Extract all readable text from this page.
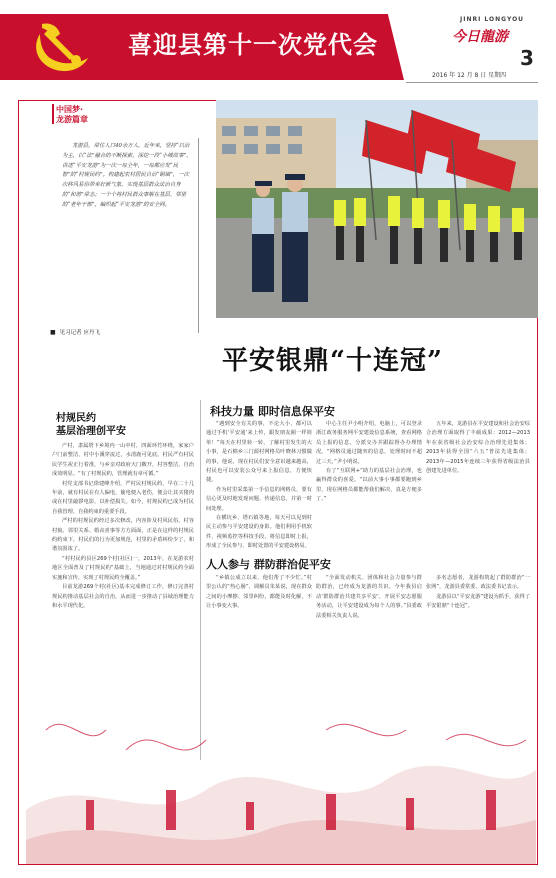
喜迎县第十一次党代会
JINRI LONGYOU
今日龍游
3
2016 年 12 月 8 日 星期四
中国梦·
龙游篇章
龙游县，常住人口40余万人，近年来，坚持“以治为主，以“法”融合的不断探索，深挖一段“小城故事”，讲述“平安龙游”为一次一每全年，一每都应发“民智”的“村规民约”。构建起农村居民自治“铜墙”，一次次移风易俗带来好新气象，实现基层群众法治自身的“和谐”常态；一个个将村民群众事解在基层、邻里的“老年干部”，编织起“平安龙游”的安全网。
■ 见习记者 应丹飞
平安银鼎“十连冠”
科技力量 即时信息保平安
人人参与 群防群治促平安
村规民约
基层治理创平安

产村，隶属塔下乡境内一山中村，四面环竹环绕，家家户户门前整洁，村中小溪穿流过，水清鹿可见底。村民严有村民民学生祝正行着准，与乡亲对政府大门敞开，村容整洁，自治成效明显。“有了村规民约，管理就有章可循。”

村党支部书记徐建峰介绍，严村民村规民约，早在二十几年前，就有村民在有人偏电，偷电便入老伤，便会让其买猪肉或在村里敲锣电影，以补偿损失。如今，村规民约已成为村民自我管理、自我约束的重要手段。

严村的村规民约经过多次修改，内容涉及村风民俗、村容村貌、邻里关系、婚丧喜事等方方面面，正是在这样的村规民约约束下，村民们的行为更加规范，村里的矛盾纠纷少了，和谐氛围浓了。

“村村民约县区269个村(社区)一，2013年，在龙游农村地区全面普及了村规民约“基础上，当地通过对村规民约全面实施和宣传，实现了村规民约全覆盖。”

目前龙游269个村(社区)基本完成修订工作，修订完善村规民约推动基层社会的自治，从而进一步推动了县域治理能力和水平现代化。

“遇到安全有关的事，不论大小，都可以通过手机‘平安通’来上传，跟发朋友圈一样简单！”每天在村里转一转，了解村里发生的大小事，是石棉乡三门源村网格员叶晓林习惯做的事。他说，现在村民们安全意识越来越高，村民也可以安装公众号来上报信息，方便快捷。

作为村里采集第一手信息的网格员，要有信心更及时地发现问题、传递信息，并第一时间处理。

在横坑乡、塔石镇等地，每天可以见到村民主动参与平安建设的身影。他们利用手机软件、视频监控等科技手段，将信息即时上报，形成了全民参与、即时处置的平安建设格局。

中心主任尹小明介绍，电脑上，可以登录浙江政务服务网平安建设信息系统，查看网格员上报的信息，分派交办并跟踪督办办理情况。“网格员通过随突的信息，处理时间不超过三天，”尹小明说。

有了“互联网+”助力的基层社会治理，也赢得群众的喜爱。“以前大事小事都要跑到乡里，现在网格员都能帮我们解决，真是方便多了。”

五年来，龙游县在平安建设和社会治安综合治理方面取得了丰硕成果：2012—2013年在获省级社会治安综合治理先进集体；2013年获得全国“六五”普法先进集体；2013年—2015年连续三年获得省级法治县创建先进单位。

“乡镇公成立以来，他们帮了不少忙。”村里公认的“热心肠”、调解员朱某说，现在群众之间的小摩擦、邻里纠纷，都能及时化解，不让小事变大事。

“全面发动机关、团体和社会力量参与群防群治，已经成为龙游的共识。今年我县启动‘群防群治共建共享平安’，开展平安志愿服务活动，让平安建设成为每个人的事。”县委政法委相关负责人说。

多名志愿者，龙游构筑起了群防群治“一张网”，龙游县委常委、政法委书记表示。

龙游县以“平安龙游”建设为抓手，获得了平安银鼎“十连冠”。
